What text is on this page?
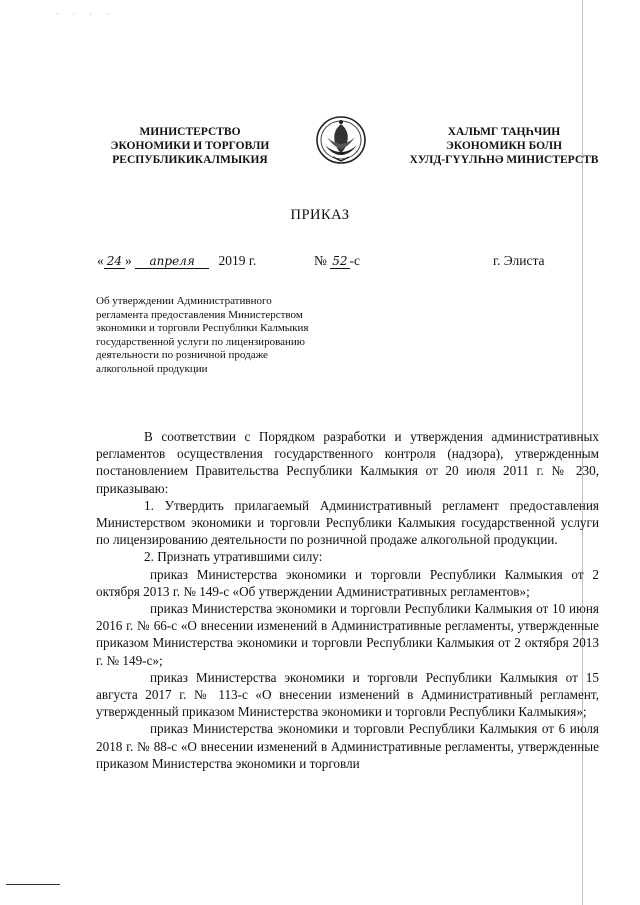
· · · ·
МИНИСТЕРСТВО
ЭКОНОМИКИ И ТОРГОВЛИ
РЕСПУБЛИКИКАЛМЫКИЯ
ХАЛЬМГ ТАҢҺЧИН
ЭКОНОМИКН БОЛН
ХУЛД-ГҮҮЛҺНӘ МИНИСТЕРСТВ
ПРИКАЗ
« 24 » апреля 2019 г.	№ 52 -с	г. Элиста
Об утверждении Административного
регламента предоставления Министерством
экономики и торговли Республики Калмыкия
государственной услуги по лицензированию
деятельности по розничной продаже
алкогольной продукции

В соответствии с Порядком разработки и утверждения административных регламентов осуществления государственного контроля (надзора), утвержденным постановлением Правительства Республики Калмыкия от 20 июля 2011 г. № 230, приказываю:

1. Утвердить прилагаемый Административный регламент предоставления Министерством экономики и торговли Республики Калмыкия государственной услуги по лицензированию деятельности по розничной продаже алкогольной продукции.

2. Признать утратившими силу:

приказ Министерства экономики и торговли Республики Калмыкия от 2 октября 2013 г. № 149-с «Об утверждении Административных регламентов»;

приказ Министерства экономики и торговли Республики Калмыкия от 10 июня 2016 г. № 66-с «О внесении изменений в Административные регламенты, утвержденные приказом Министерства экономики и торговли Республики Калмыкия от 2 октября 2013 г. № 149-с»;

приказ Министерства экономики и торговли Республики Калмыкия от 15 августа 2017 г. № 113-с «О внесении изменений в Административный регламент, утвержденный приказом Министерства экономики и торговли Республики Калмыкия»;

приказ Министерства экономики и торговли Республики Калмыкия от 6 июля 2018 г. № 88-с «О внесении изменений в Административные регламенты, утвержденные приказом Министерства экономики и торговли
